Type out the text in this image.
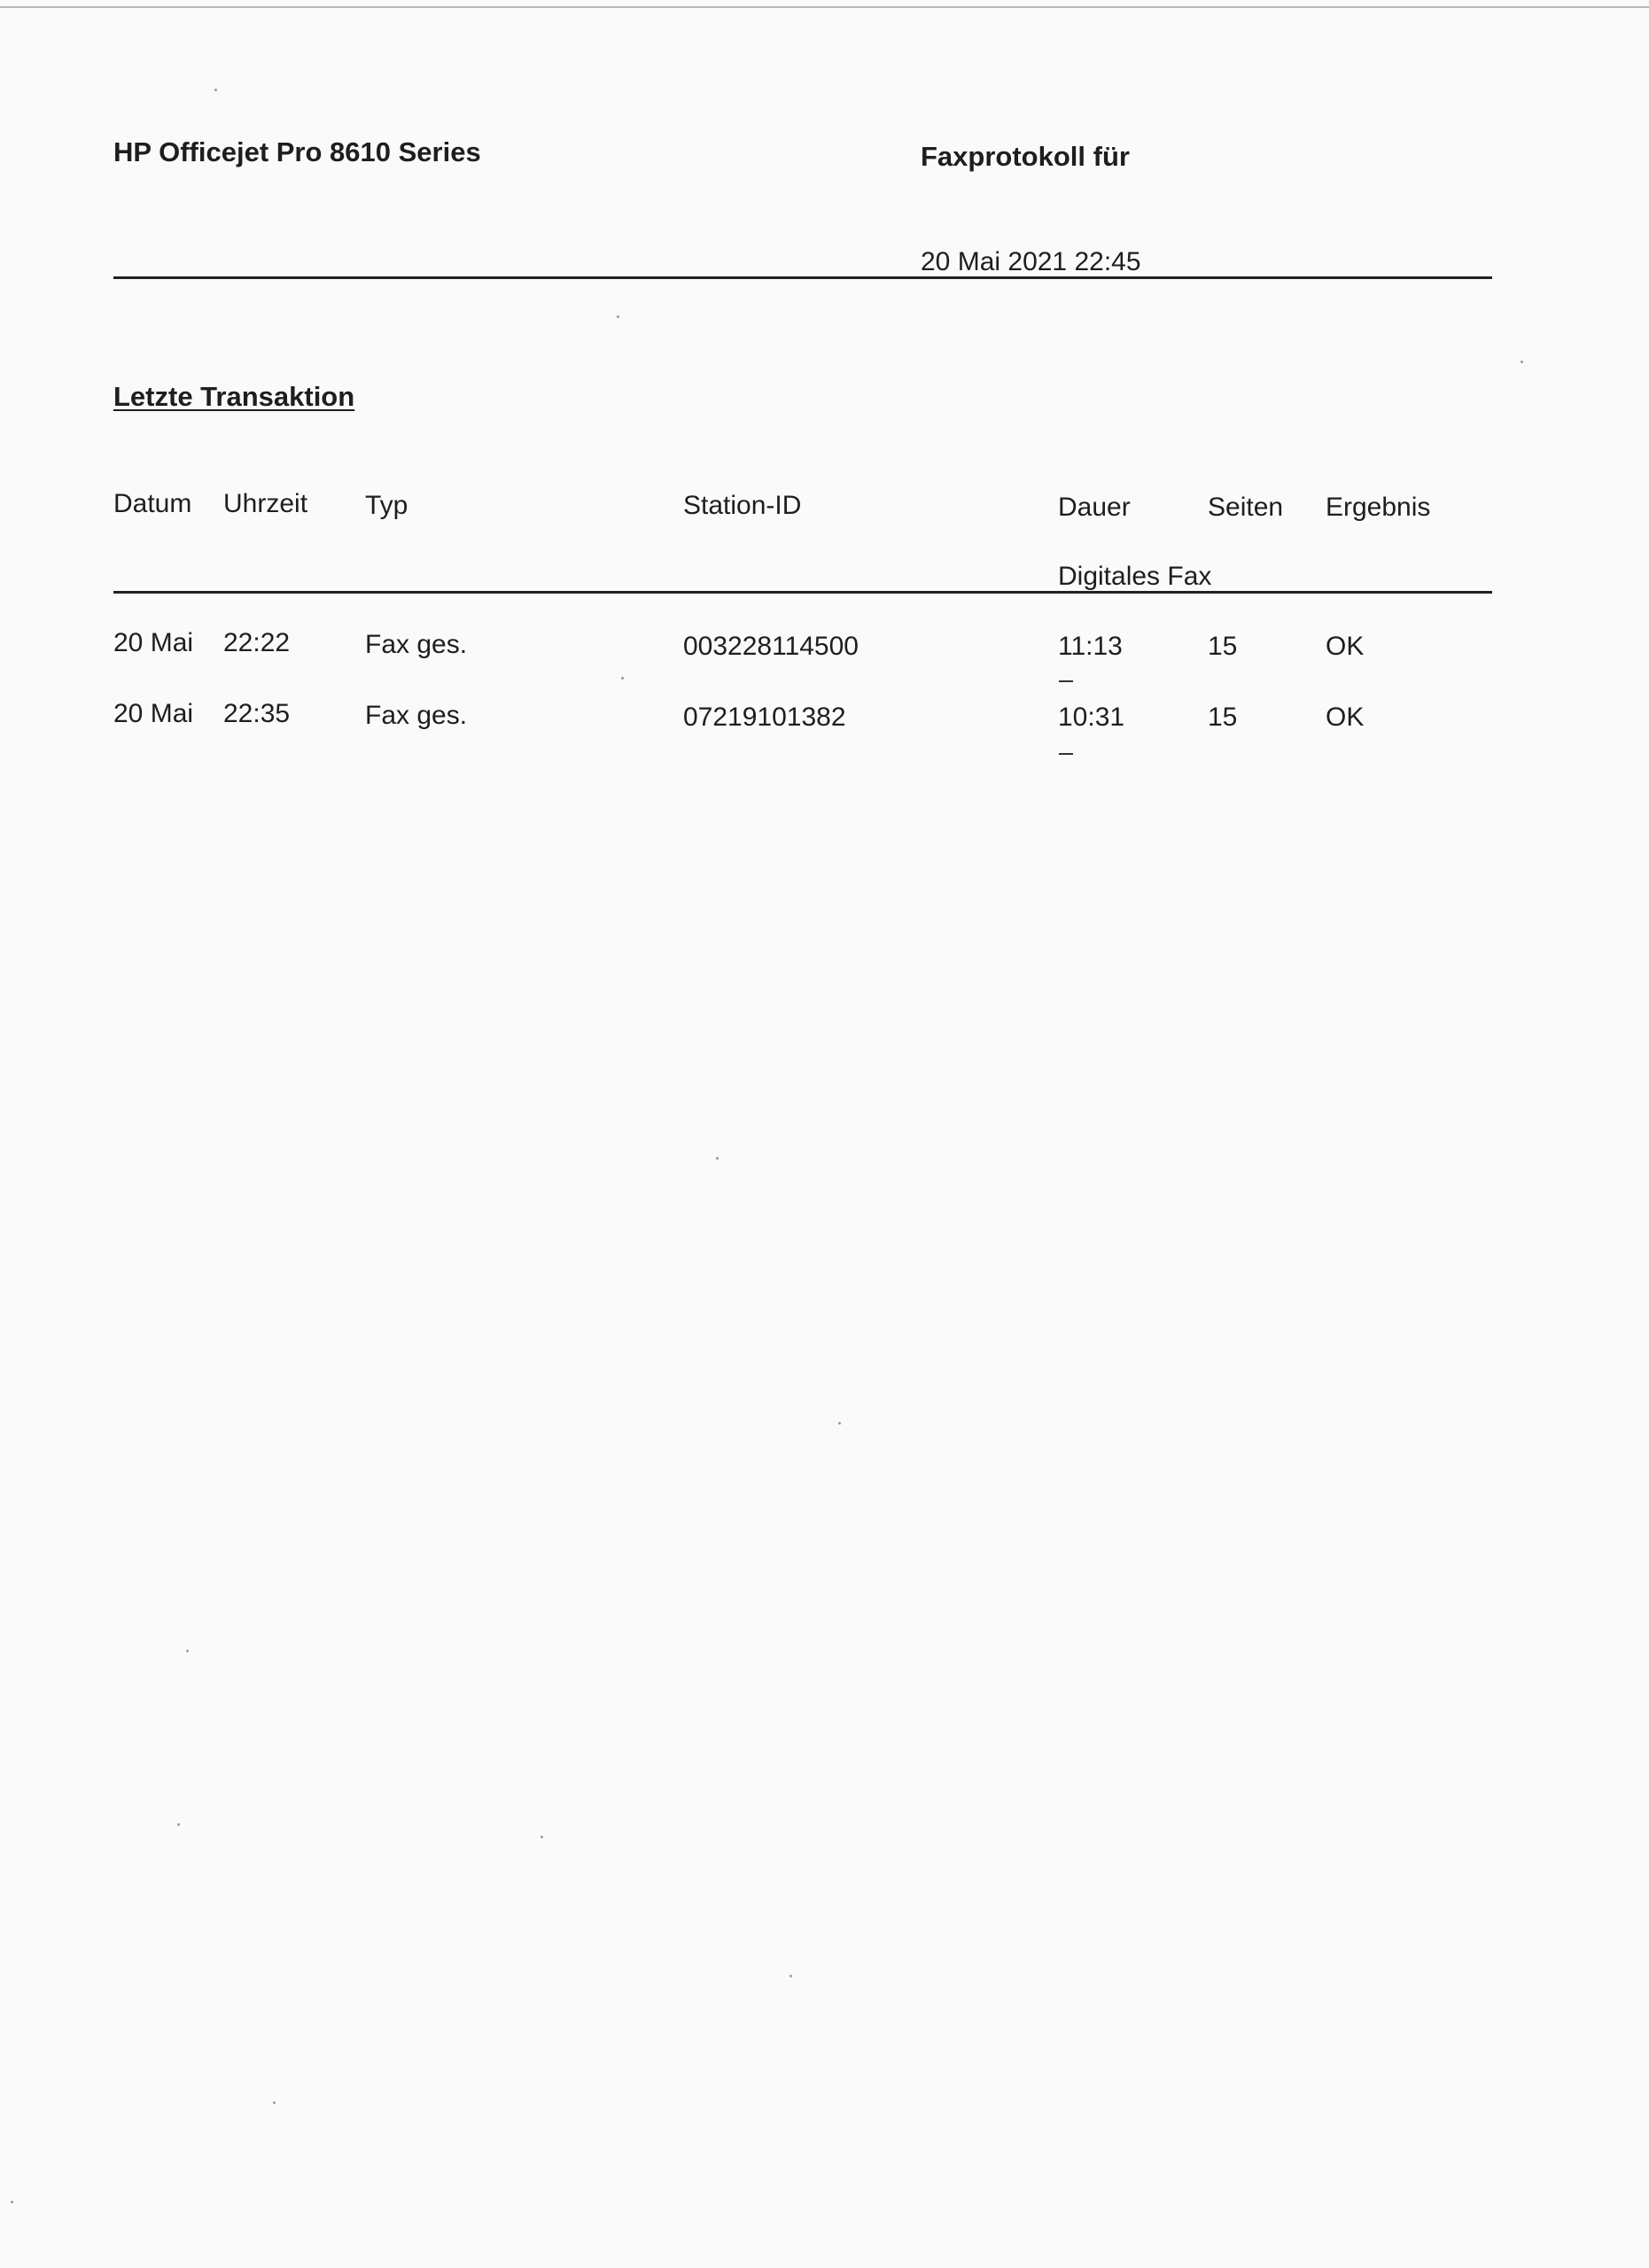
HP Officejet Pro 8610 Series	Faxprotokoll für
20 Mai 2021 22:45
Letzte Transaktion
Datum Uhrzeit Typ	Station-ID	Dauer	Seiten Ergebnis
Digitales Fax
20 Mai 22:22	Fax ges.	003228114500	11:13	15	OK
20 Mai 22:35	Fax ges.	07219101382	10:31	15	OK
